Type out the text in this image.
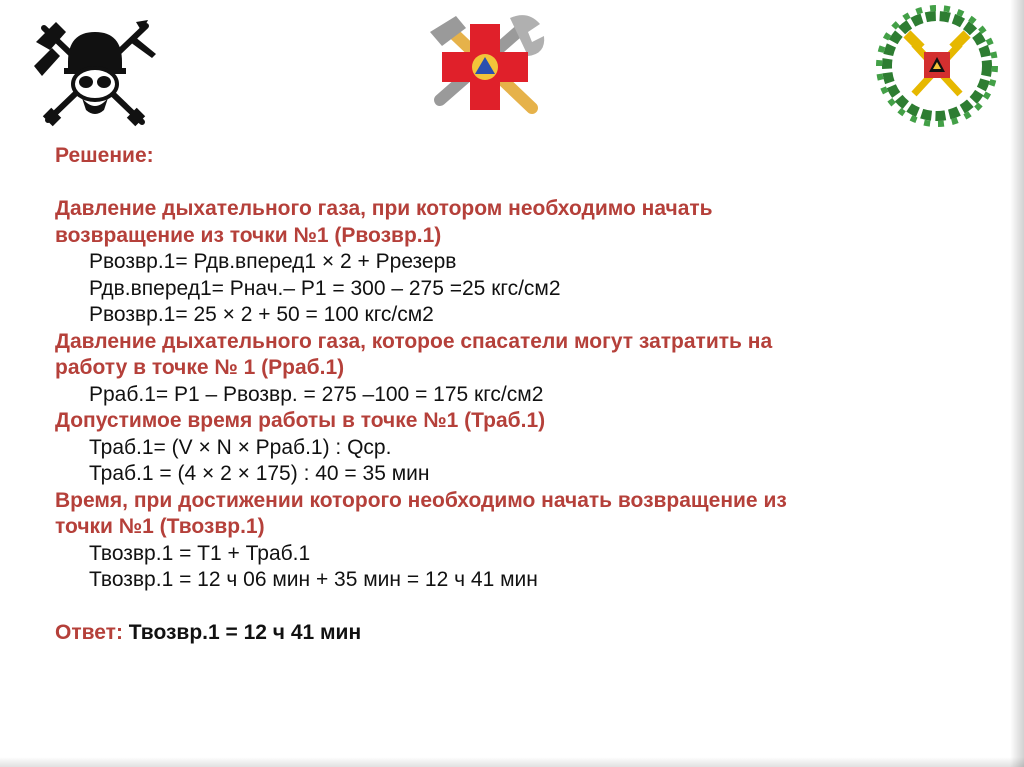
Решение:
Давление дыхательного газа, при котором необходимо начать
возвращение из точки №1 (Рвозвр.1)
Рвозвр.1= Рдв.вперед1 × 2 + Ррезерв
Рдв.вперед1= Рнач.– Р1 = 300 – 275 =25 кгс/см2
Рвозвр.1= 25 × 2 + 50 = 100 кгс/см2
Давление дыхательного газа, которое спасатели могут затратить на
работу в точке № 1 (Рраб.1)
Рраб.1= Р1 – Рвозвр. = 275 –100 = 175 кгс/см2
Допустимое время работы в точке №1 (Траб.1)
Траб.1= (V × N × Рраб.1) : Qср.
Траб.1 = (4 × 2 × 175) : 40 = 35 мин
Время, при достижении которого необходимо начать возвращение из
точки №1 (Твозвр.1)
Твозвр.1 = Т1 + Траб.1
Твозвр.1 = 12 ч 06 мин + 35 мин = 12 ч 41 мин
Ответ: Твозвр.1 = 12 ч 41 мин
